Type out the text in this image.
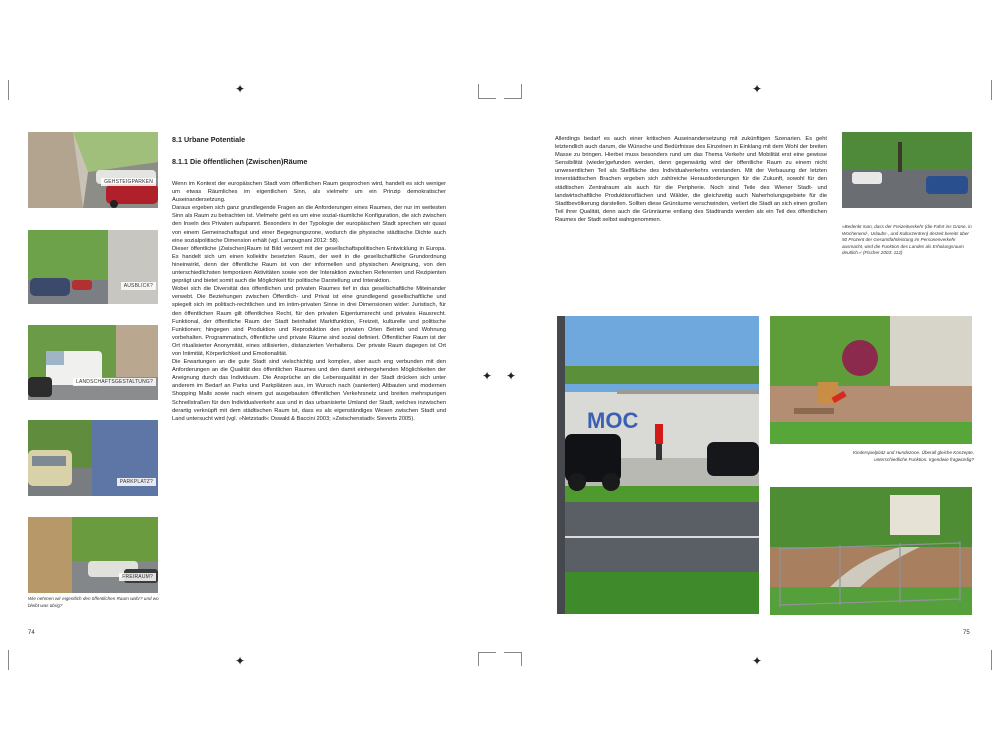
✦	✦
✦	✦
✦ ✦
GEHSTEIGPARKEN
AUSBLICK?
LANDSCHAFTSGESTALTUNG?
PARKPLATZ?
FREIRAUM?
Wie nehmen wir eigentlich den öffentlichen Raum wahr? und wo bleibt was übrig?
8.1 Urbane Potentiale
8.1.1 Die öffentlichen (Zwischen)Räume
Wenn im Kontext der europäischen Stadt vom öffentlichen Raum gesprochen wird, handelt es sich weniger um etwas Räumliches im eigentlichen Sinn, als vielmehr um ein Prinzip demokratischer Auseinandersetzung.
Daraus ergeben sich ganz grundlegende Fragen an die Anforderungen eines Raumes, der nur im weitesten Sinn als Raum zu betrachten ist. Vielmehr geht es um eine sozial-räumliche Konfiguration, die sich zwischen den Inseln des Privaten aufspannt. Besonders in der Typologie der europäischen Stadt sprechen wir quasi von einem Gemeinschaftsgut und einer Begegnungszone, wodurch die physische städtische Dichte auch eine sozialpolitische Dimension erhält (vgl. Lampugnani 2012: 58).
Dieser öffentliche (Zwischen)Raum ist Bild verzerrt mit der gesellschaftspolitischen Entwicklung in Europa. Es handelt sich um einen kollektiv besetzten Raum, der weit in die gesellschaftliche Grundordnung hineinwirkt, denn der öffentliche Raum ist von der informellen und physischen Aneignung, von den unterschiedlichsten temporären Aktivitäten sowie von der Interaktion zwischen Referenten und Rezipienten geprägt und bietet somit auch die Möglichkeit für politische Darstellung und Interaktion.
Wobei sich die Diversität des öffentlichen und privaten Raumes tief in das gesellschaftliche Miteinander verwebt. Die Beziehungen zwischen Öffentlich- und Privat ist eine grundlegend gesellschaftliche und spiegelt sich im politisch-rechtlichen und im intim-privaten Sinne in drei Dimensionen wider: Juristisch, für den öffentlichen Raum gilt öffentliches Recht, für den privaten Eigentumsrecht und privates Hausrecht. Funktional, der öffentliche Raum der Stadt beinhaltet Marktfunktion, Freizeit, kulturelle und politische Funktionen; hingegen sind Produktion und Reproduktion den privaten Orten Betrieb und Wohnung vorbehalten. Programmatisch, öffentliche und private Räume sind sozial definiert. Öffentlicher Raum ist der Ort ritualisierter Anonymität, eines stilisierten, distanzierten Verhaltens. Der private Raum dagegen ist Ort von Intimität, Körperlichkeit und Emotionalität.
Die Erwartungen an die gute Stadt sind vielschichtig und komplex, aber auch eng verbunden mit den Anforderungen an die Qualität des öffentlichen Raumes und den damit einhergehenden Möglichkeiten der Aneignung durch das Individuum. Die Ansprüche an die Lebensqualität in der Stadt drücken sich unter anderem im Bedarf an Parks und Parkplätzen aus, im Wunsch nach (sanierten) Altbauten und modernen Shopping Malls sowie nach einem gut ausgebauten öffentlichen Verkehrsnetz und breiten mehrspurigen Schnellstraßen für den Individualverkehr aus und in das urbanisierte Umland der Stadt, welches inzwischen derartig verknüpft mit dem städtischen Raum ist, dass es als eigenständiges Wesen zwischen Stadt und Land untersucht wird (vgl. »Netzstadt« Oswald & Baccini 2003; »Zwischenstadt« Sieverts 2005).
74
Allerdings bedarf es auch einer kritischen Auseinandersetzung mit zukünftigen Szenarien. Es geht letztendlich auch darum, die Wünsche und Bedürfnisse des Einzelnen in Einklang mit dem Wohl der breiten Masse zu bringen. Hierbei muss besonders rund um das Thema Verkehr und Mobilität erst eine gewisse Sensibilität (wieder)gefunden werden, denn gegenwärtig wird der öffentliche Raum zu einem nicht unwesentlichen Teil als Stellfläche des Individualverkehrs verstanden. Mit der Verbauung der letzten innerstädtischen Brachen ergeben sich zahlreiche Herausforderungen für die Zukunft, sowohl für den städtischen Zentralraum als auch für die Peripherie. Noch sind Teile des Wiener Stadt- und landwirtschaftliche Produktionsflächen und Wälder, die gleichzeitig auch Naherholungsgebiete für die Stadtbevölkerung darstellen. Sollten diese Grünräume verschwinden, verliert die Stadt an sich einen großen Teil ihrer Qualität, denn auch die Grünräume entlang des Stadtrands werden als ein Teil des öffentlichen Raumes der Stadt selbst wahrgenommen.
»Bedenkt man, dass der Freizeitverkehr (die Fahrt ins Grüne, in Wochenend-, Urlaubs-, und Kulturzentren) derzeit bereits über 50 Prozent der Gesamtfahrleistung im Personenverkehr ausmacht, wird die Funktion des Landes als Erholungsraum deutlich.« (Fischer 2003: 112)
MOC
Kinderspielplatz und Hundezone. Überall gleiche Konzepte, unterschiedliche Funktion. Irgendwie fragwürdig?
75
